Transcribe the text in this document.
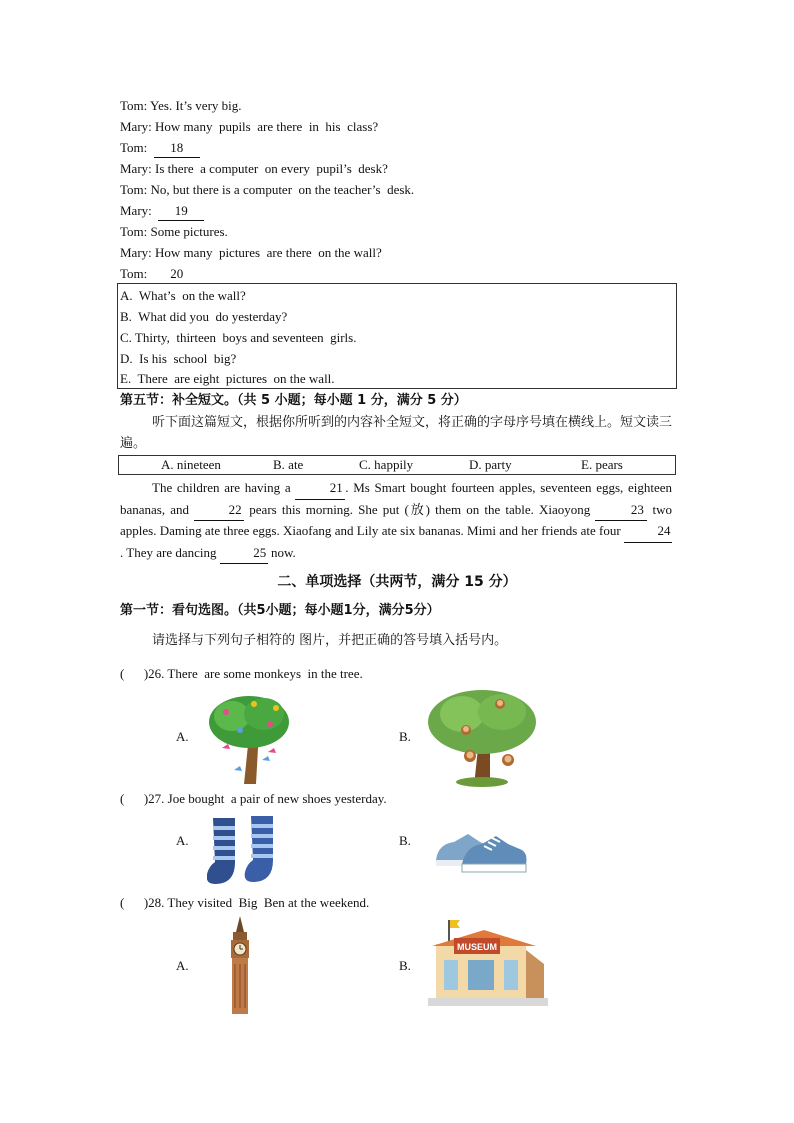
Tom: Yes. It’s very big.
Mary: How many  pupils  are there  in  his  class?
Tom: 18
Mary: Is there  a computer  on every  pupil’s  desk?
Tom: No, but there is a computer  on the teacher’s  desk.
Mary: 19
Tom: Some pictures.
Mary: How many  pictures  are there  on the wall?
Tom: 20
A.  What’s  on the wall?
B.  What did you  do yesterday?
C. Thirty,  thirteen  boys and seventeen  girls.
D.  Is his  school  big?
E.  There  are eight  pictures  on the wall.
第五节：补全短文。（共 5 小题；每小题 1 分，满分 5 分）
听下面这篇短文，根据你所听到的内容补全短文，将正确的字母序号填在横线上。短文读三遍。
A. nineteen	B. ate	C. happily	D. party	E. pears
The children are having a	21 . Ms Smart bought fourteen apples, seventeen eggs, eighteen bananas, and	22 pears this morning. She put (放) them on the table. Xiaoyong	23 two apples. Daming ate three eggs. Xiaofang and Lily ate six bananas. Mimi and her friends ate four	24. They are dancing	25 now.
二、单项选择（共两节，满分 15 分）
第一节：看句选图。（共5小题；每小题1分，满分5分）
请选择与下列句子相符的 图片，并把正确的答号填入括号内。
(      )26. There  are some monkeys  in the tree.
A.	B.
(      )27. Joe bought  a pair of new shoes yesterday.
A.	B.
(      )28. They visited  Big  Ben at the weekend.
A.	B.
MUSEUM
